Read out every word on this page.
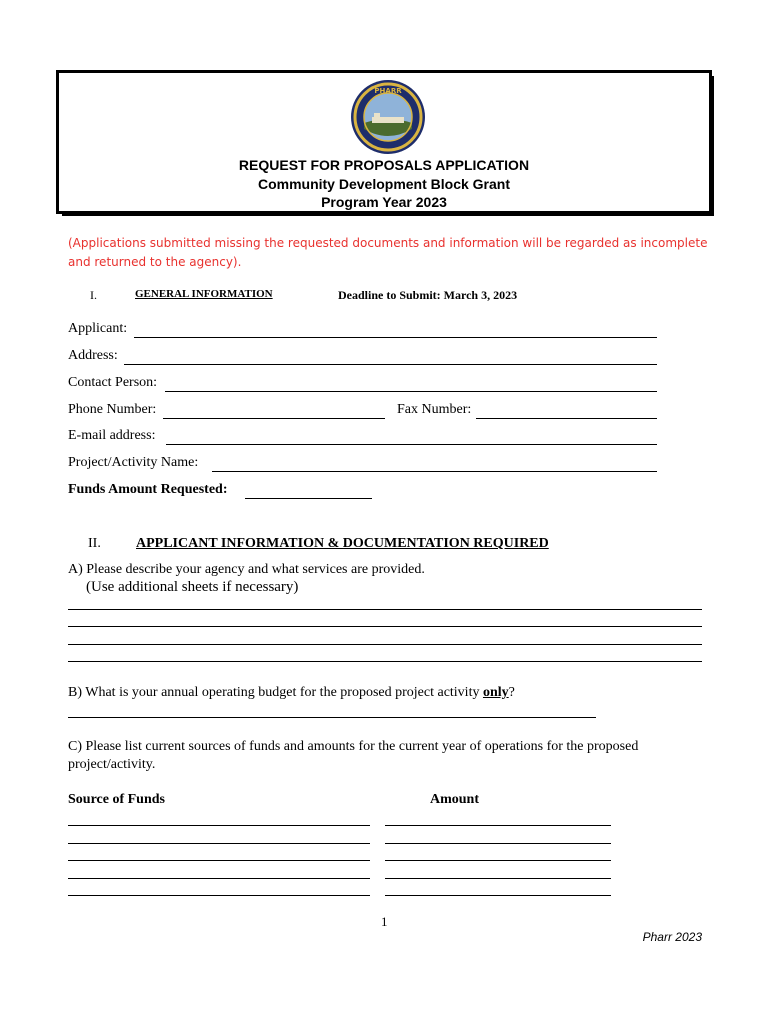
PHARR
REQUEST FOR PROPOSALS APPLICATION
Community Development Block Grant
Program Year 2023
(Applications submitted missing the requested documents and information will be regarded as incomplete and returned to the agency).
I.	GENERAL INFORMATION	Deadline to Submit: March 3, 2023
Applicant:
Address:
Contact Person:
Phone Number:	Fax Number:
E-mail address:
Project/Activity Name:
Funds Amount Requested:
II.	APPLICANT INFORMATION & DOCUMENTATION REQUIRED
A) Please describe your agency and what services are provided.
(Use additional sheets if necessary)
B) What is your annual operating budget for the proposed project activity only?
C) Please list current sources of funds and amounts for the current year of operations for the proposed project/activity.
Source of Funds	Amount
1
Pharr 2023
